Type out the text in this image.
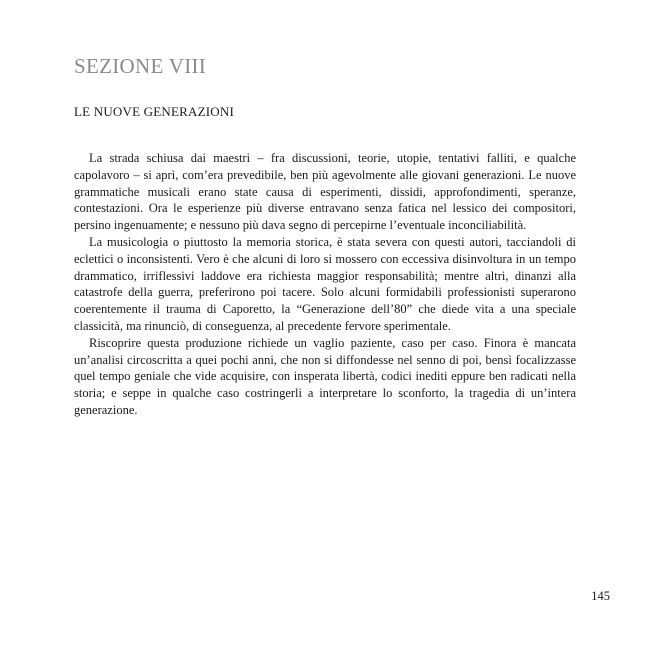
SEZIONE VIII
LE NUOVE GENERAZIONI

La strada schiusa dai maestri – fra discussioni, teorie, utopie, tentativi falliti, e qualche capolavoro – si aprì, com’era prevedibile, ben più agevolmente alle giovani generazioni. Le nuove grammatiche musicali erano state causa di esperimenti, dissidi, approfondimenti, speranze, contestazioni. Ora le esperienze più diverse entravano senza fatica nel lessico dei compositori, persino ingenuamente; e nessuno più dava segno di percepirne l’eventuale inconciliabilità.

La musicologia o piuttosto la memoria storica, è stata severa con questi autori, tacciandoli di eclettici o inconsistenti. Vero è che alcuni di loro si mossero con eccessiva disinvoltura in un tempo drammatico, irriflessivi laddove era richiesta maggior responsabilità; mentre altri, dinanzi alla catastrofe della guerra, preferirono poi tacere. Solo alcuni formidabili professionisti superarono coerentemente il trauma di Caporetto, la “Generazione dell’80” che diede vita a una speciale classicità, ma rinunciò, di conseguenza, al precedente fervore sperimentale.

Riscoprire questa produzione richiede un vaglio paziente, caso per caso. Finora è mancata un’analisi circoscritta a quei pochi anni, che non si diffondesse nel senno di poi, bensì focalizzasse quel tempo geniale che vide acquisire, con insperata libertà, codici inediti eppure ben radicati nella storia; e seppe in qualche caso costringerli a interpretare lo sconforto, la tragedia di un’intera generazione.

145
